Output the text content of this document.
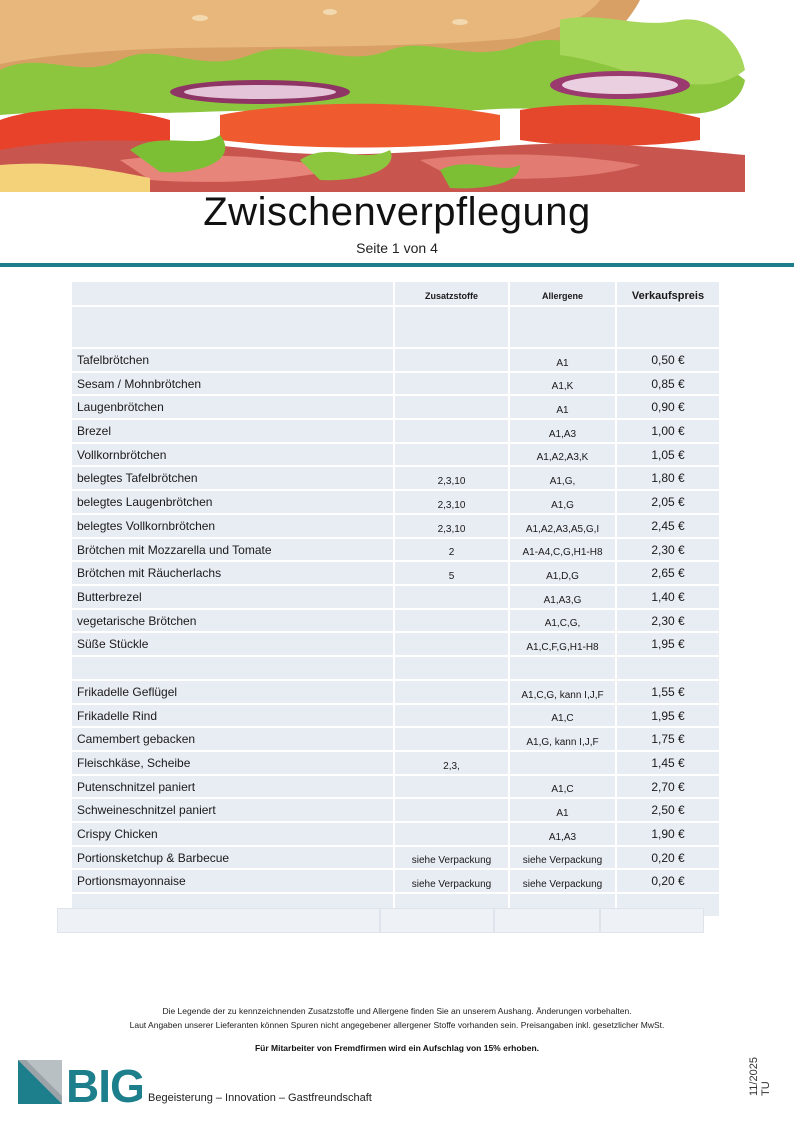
Zwischenverpflegung
Seite 1 von 4
	Zusatzstoffe	Allergene	Verkaufspreis

Tafelbrötchen		A1	0,50 €
Sesam / Mohnbrötchen		A1,K	0,85 €
Laugenbrötchen		A1	0,90 €
Brezel		A1,A3	1,00 €
Vollkornbrötchen		A1,A2,A3,K	1,05 €
belegtes Tafelbrötchen	2,3,10	A1,G,	1,80 €
belegtes Laugenbrötchen	2,3,10	A1,G	2,05 €
belegtes Vollkornbrötchen	2,3,10	A1,A2,A3,A5,G,I	2,45 €
Brötchen mit Mozzarella und Tomate	2	A1-A4,C,G,H1-H8	2,30 €
Brötchen mit Räucherlachs	5	A1,D,G	2,65 €
Butterbrezel		A1,A3,G	1,40 €
vegetarische Brötchen		A1,C,G,	2,30 €
Süße Stückle		A1,C,F,G,H1-H8	1,95 €

Frikadelle Geflügel		A1,C,G, kann I,J,F	1,55 €
Frikadelle Rind		A1,C	1,95 €
Camembert gebacken		A1,G, kann I,J,F	1,75 €
Fleischkäse, Scheibe	2,3,		1,45 €
Putenschnitzel paniert		A1,C	2,70 €
Schweineschnitzel paniert		A1	2,50 €
Crispy Chicken		A1,A3	1,90 €
Portionsketchup & Barbecue	siehe Verpackung	siehe Verpackung	0,20 €
Portionsmayonnaise	siehe Verpackung	siehe Verpackung	0,20 €

Die Legende der zu kennzeichnenden Zusatzstoffe und Allergene finden Sie an unserem Aushang. Änderungen vorbehalten.
Laut Angaben unserer Lieferanten können Spuren nicht angegebener allergener Stoffe vorhanden sein. Preisangaben inkl. gesetzlicher MwSt.
Für Mitarbeiter von Fremdfirmen wird ein Aufschlag von 15% erhoben.
BIG Begeisterung – Innovation – Gastfreundschaft
11/2025
TU
